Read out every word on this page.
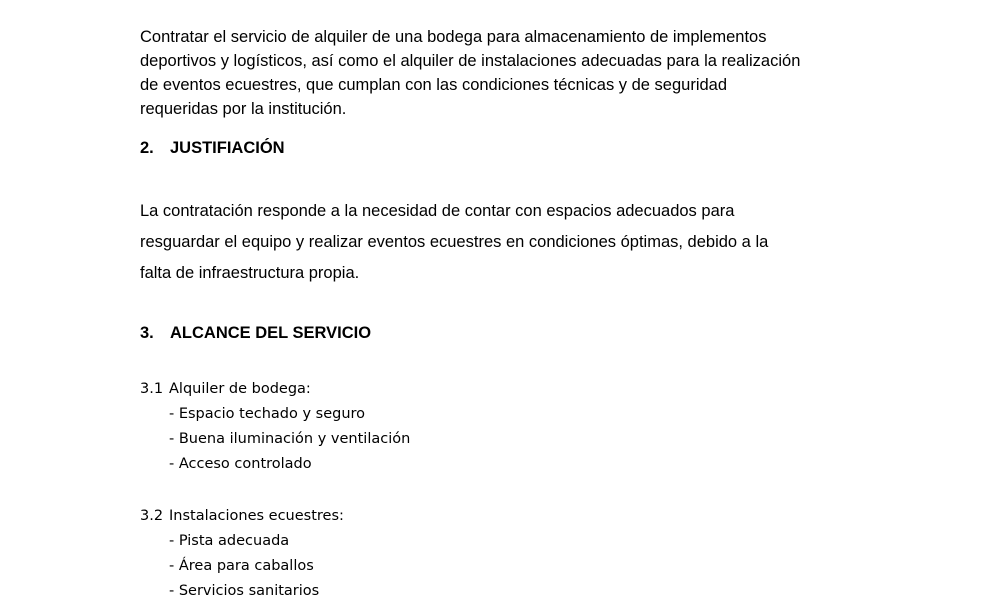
Contratar el servicio de alquiler de una bodega para almacenamiento de implementos
deportivos y logísticos, así como el alquiler de instalaciones adecuadas para la realización
de eventos ecuestres, que cumplan con las condiciones técnicas y de seguridad
requeridas por la institución.

2. JUSTIFIACIÓN

La contratación responde a la necesidad de contar con espacios adecuados para
resguardar el equipo y realizar eventos ecuestres en condiciones óptimas, debido a la
falta de infraestructura propia.

3. ALCANCE DEL SERVICIO
3.1 Alquiler de bodega:
- Espacio techado y seguro
- Buena iluminación y ventilación
- Acceso controlado
3.2 Instalaciones ecuestres:
- Pista adecuada
- Área para caballos
- Servicios sanitarios
